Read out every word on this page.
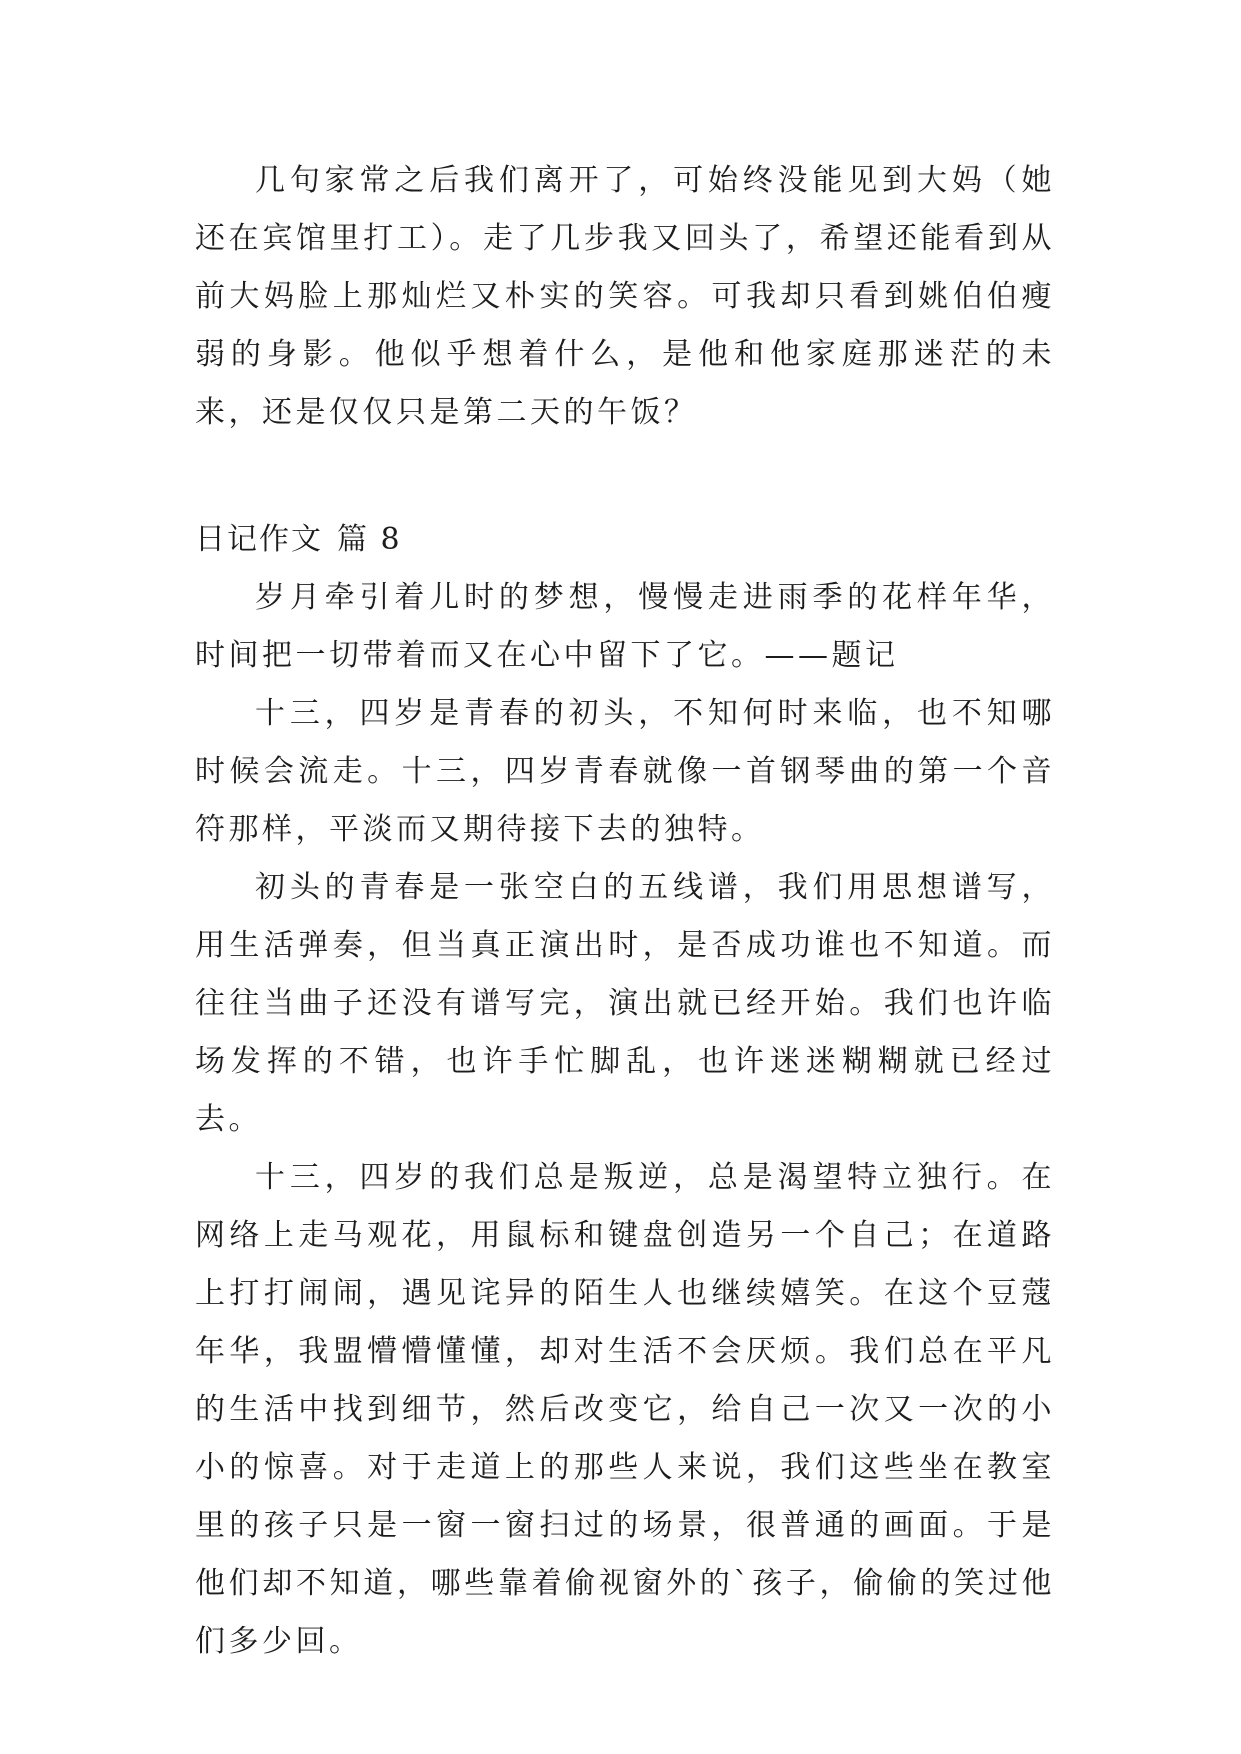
几句家常之后我们离开了，可始终没能见到大妈（她还在宾馆里打工）。走了几步我又回头了，希望还能看到从前大妈脸上那灿烂又朴实的笑容。可我却只看到姚伯伯瘦弱的身影。他似乎想着什么，是他和他家庭那迷茫的未来，还是仅仅只是第二天的午饭？

日记作文 篇 8

岁月牵引着儿时的梦想，慢慢走进雨季的花样年华，时间把一切带着而又在心中留下了它。——题记

十三，四岁是青春的初头，不知何时来临，也不知哪时候会流走。十三，四岁青春就像一首钢琴曲的第一个音符那样，平淡而又期待接下去的独特。

初头的青春是一张空白的五线谱，我们用思想谱写，用生活弹奏，但当真正演出时，是否成功谁也不知道。而往往当曲子还没有谱写完，演出就已经开始。我们也许临场发挥的不错，也许手忙脚乱，也许迷迷糊糊就已经过去。

十三，四岁的我们总是叛逆，总是渴望特立独行。在网络上走马观花，用鼠标和键盘创造另一个自己；在道路上打打闹闹，遇见诧异的陌生人也继续嬉笑。在这个豆蔻年华，我盟懵懵懂懂，却对生活不会厌烦。我们总在平凡的生活中找到细节，然后改变它，给自己一次又一次的小小的惊喜。对于走道上的那些人来说，我们这些坐在教室里的孩子只是一窗一窗扫过的场景，很普通的画面。于是他们却不知道，哪些靠着偷视窗外的`孩子，偷偷的笑过他们多少回。
